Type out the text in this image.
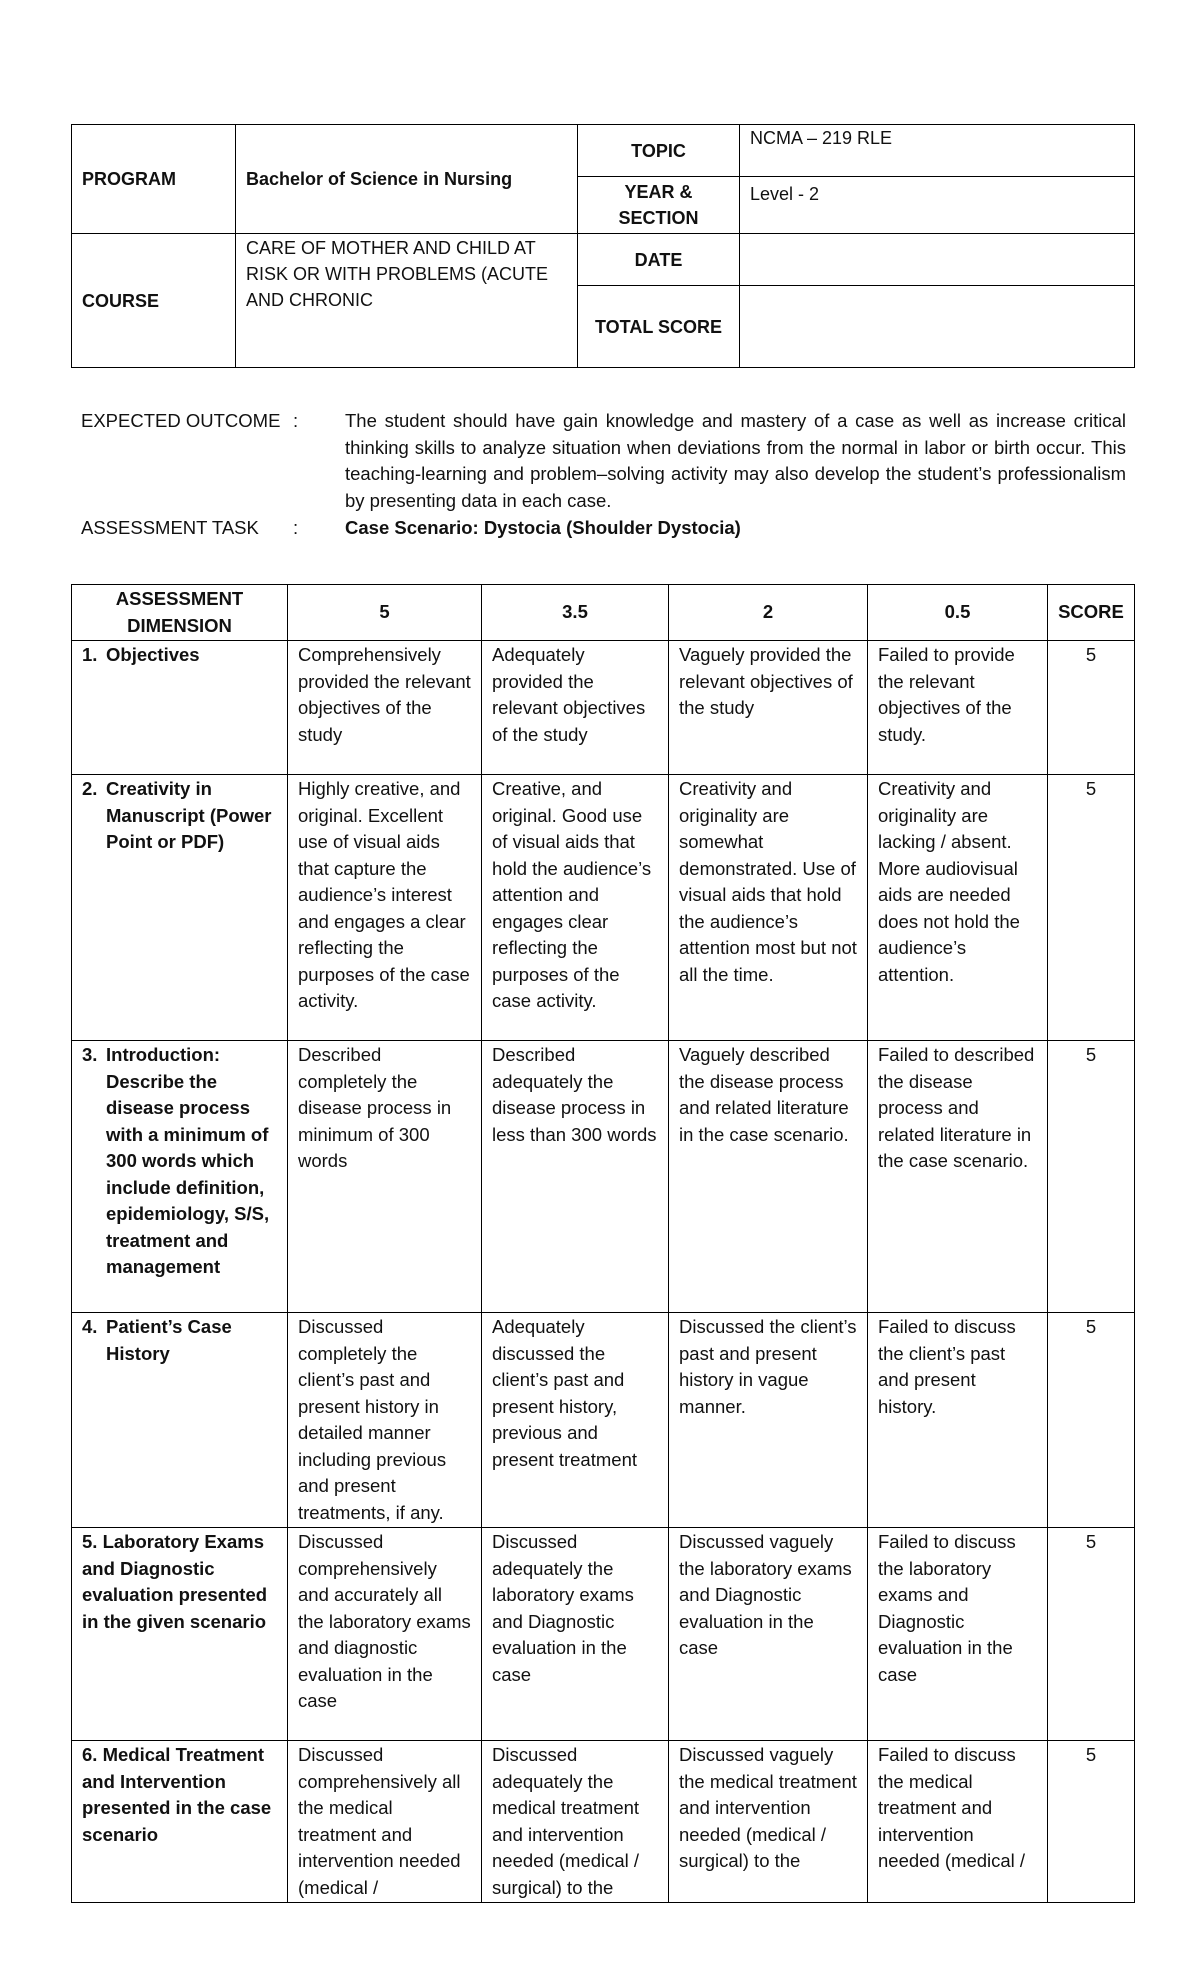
PROGRAM	Bachelor of Science in Nursing	TOPIC	NCMA – 219 RLE
		YEAR & SECTION	Level - 2
COURSE	CARE OF MOTHER AND CHILD AT RISK OR WITH PROBLEMS (ACUTE AND CHRONIC	DATE	
		TOTAL SCORE	
EXPECTED OUTCOME :	The student should have gain knowledge and mastery of a case as well as increase critical thinking skills to analyze situation when deviations from the normal in labor or birth occur. This teaching-learning and problem–solving activity may also develop the student’s professionalism by presenting data in each case.
ASSESSMENT TASK	:	Case Scenario: Dystocia (Shoulder Dystocia)
ASSESSMENT DIMENSION	5	3.5	2	0.5	SCORE

1. Objectives	Comprehensively provided the relevant objectives of the study	Adequately provided the relevant objectives of the study	Vaguely provided the relevant objectives of the study	Failed to provide the relevant objectives of the study.	5

2. Creativity in Manuscript (Power Point or PDF)	Highly creative, and original. Excellent use of visual aids that capture the audience’s interest and engages a clear reflecting the purposes of the case activity.	Creative, and original. Good use of visual aids that hold the audience’s attention and engages clear reflecting the purposes of the case activity.	Creativity and originality are somewhat demonstrated. Use of visual aids that hold the audience’s attention most but not all the time.	Creativity and originality are lacking / absent. More audiovisual aids are needed does not hold the audience’s attention.	5

3. Introduction: Describe the disease process with a minimum of 300 words which include definition, epidemiology, S/S, treatment and management	Described completely the disease process in minimum of 300 words	Described adequately the disease process in less than 300 words	Vaguely described the disease process and related literature in the case scenario.	Failed to described the disease process and related literature in the case scenario.	5

4. Patient’s Case History	Discussed completely the client’s past and present history in detailed manner including previous and present treatments, if any.	Adequately discussed the client’s past and present history, previous and present treatment	Discussed the client’s past and present history in vague manner.	Failed to discuss the client’s past and present history.	5
5. Laboratory Exams and Diagnostic evaluation presented in the given scenario	Discussed comprehensively and accurately all the laboratory exams and diagnostic evaluation in the case	Discussed adequately the laboratory exams and Diagnostic evaluation in the case	Discussed vaguely the laboratory exams and Diagnostic evaluation in the case	Failed to discuss the laboratory exams and Diagnostic evaluation in the case	5
6. Medical Treatment and Intervention presented in the case scenario	Discussed comprehensively all the medical treatment and intervention needed (medical /	Discussed adequately the medical treatment and intervention needed (medical / surgical) to the	Discussed vaguely the medical treatment and intervention needed (medical / surgical) to the	Failed to discuss the medical treatment and intervention needed (medical /	5
